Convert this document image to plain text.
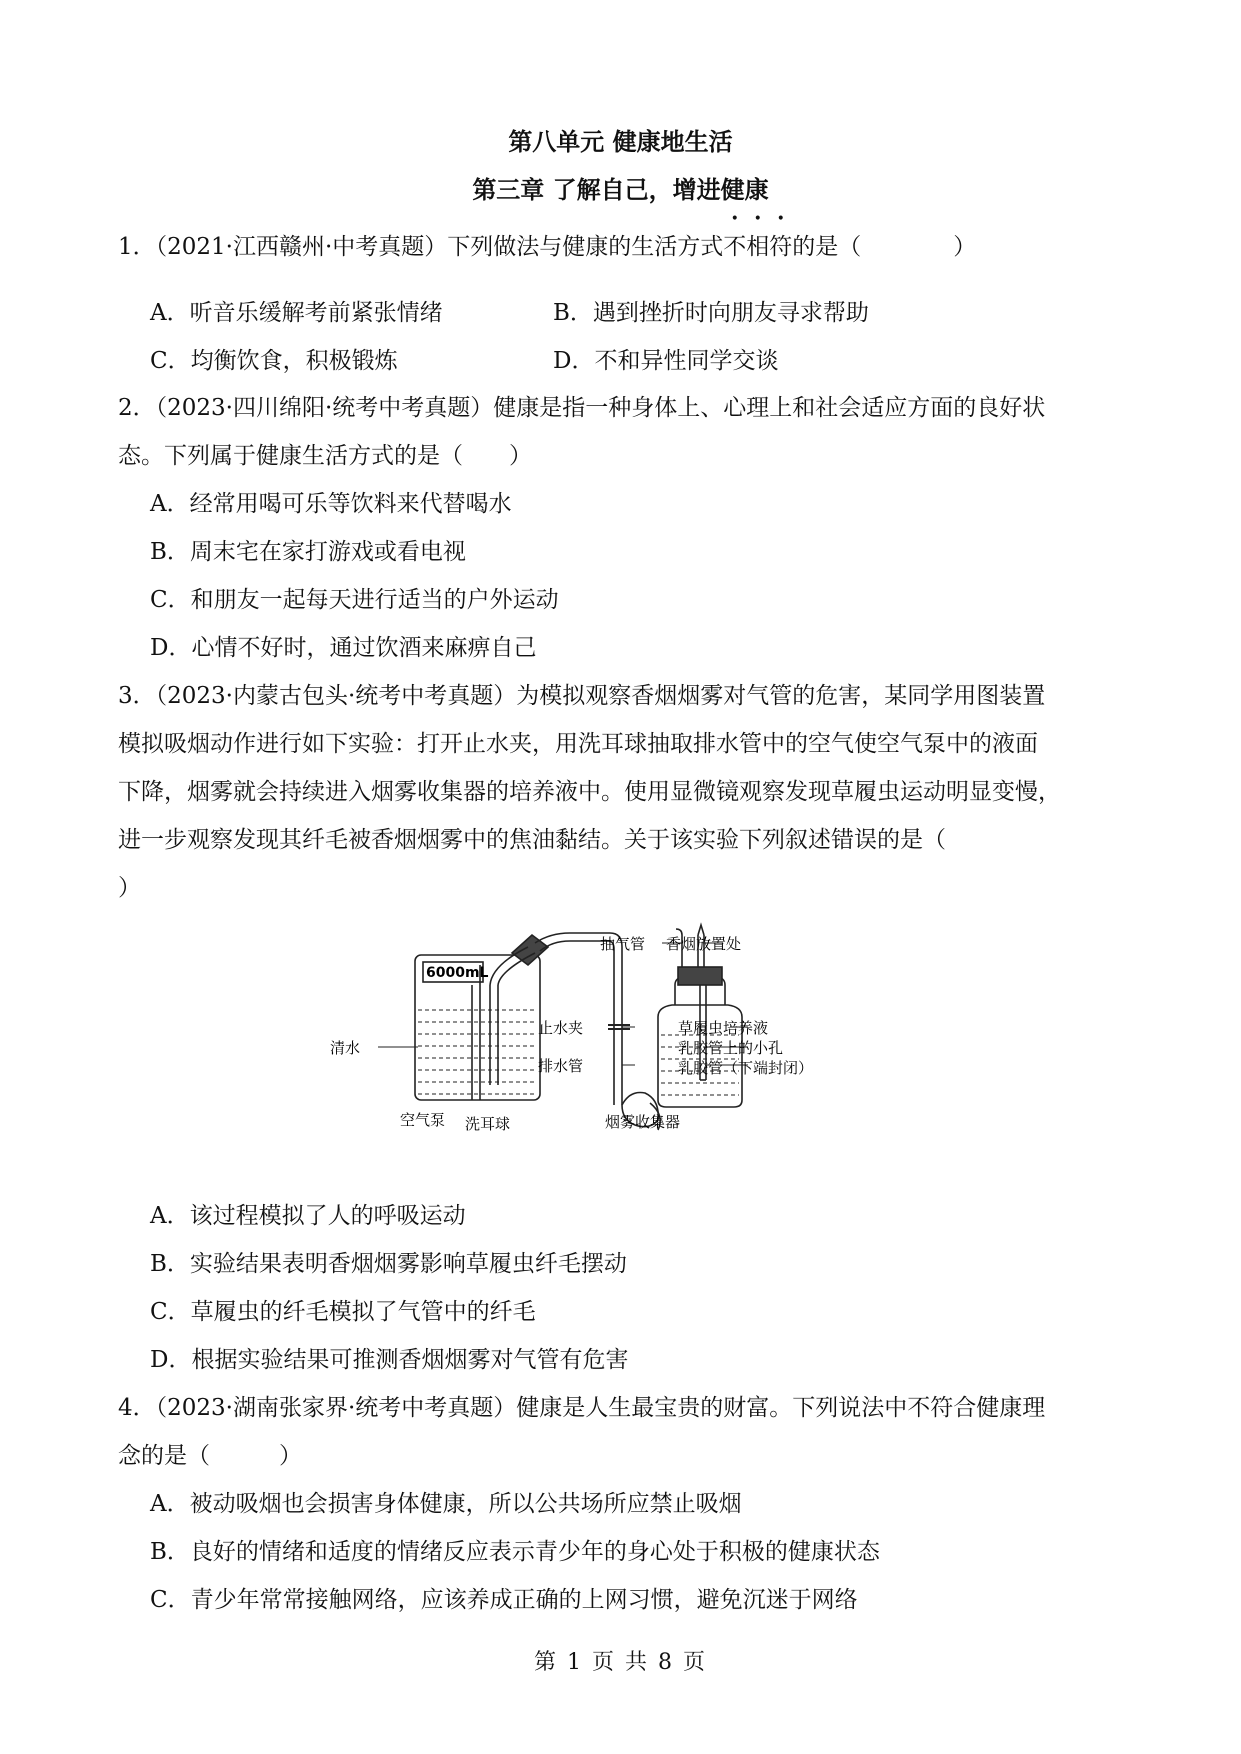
第八单元 健康地生活
第三章 了解自己，增进健康
1．（2021·江西赣州·中考真题）下列做法与健康的生活方式不相符的是（　　　　）
A．听音乐缓解考前紧张情绪	B．遇到挫折时向朋友寻求帮助
C．均衡饮食，积极锻炼	D．不和异性同学交谈
2．（2023·四川绵阳·统考中考真题）健康是指一种身体上、心理上和社会适应方面的良好状
态。下列属于健康生活方式的是（　　）
A．经常用喝可乐等饮料来代替喝水
B．周末宅在家打游戏或看电视
C．和朋友一起每天进行适当的户外运动
D．心情不好时，通过饮酒来麻痹自己
3．（2023·内蒙古包头·统考中考真题）为模拟观察香烟烟雾对气管的危害，某同学用图装置
模拟吸烟动作进行如下实验：打开止水夹，用洗耳球抽取排水管中的空气使空气泵中的液面
下降，烟雾就会持续进入烟雾收集器的培养液中。使用显微镜观察发现草履虫运动明显变慢，
进一步观察发现其纤毛被香烟烟雾中的焦油黏结。关于该实验下列叙述错误的是（
）
6000mL
清水
空气泵 洗耳球
止水夹
排水管
抽气管 香烟放置处
草履虫培养液
乳胶管上的小孔
乳胶管（下端封闭）
烟雾收集器
A．该过程模拟了人的呼吸运动
B．实验结果表明香烟烟雾影响草履虫纤毛摆动
C．草履虫的纤毛模拟了气管中的纤毛
D．根据实验结果可推测香烟烟雾对气管有危害
4．（2023·湖南张家界·统考中考真题）健康是人生最宝贵的财富。下列说法中不符合健康理
念的是（　　　）
A．被动吸烟也会损害身体健康，所以公共场所应禁止吸烟
B．良好的情绪和适度的情绪反应表示青少年的身心处于积极的健康状态
C．青少年常常接触网络，应该养成正确的上网习惯，避免沉迷于网络
第 1 页 共 8 页
